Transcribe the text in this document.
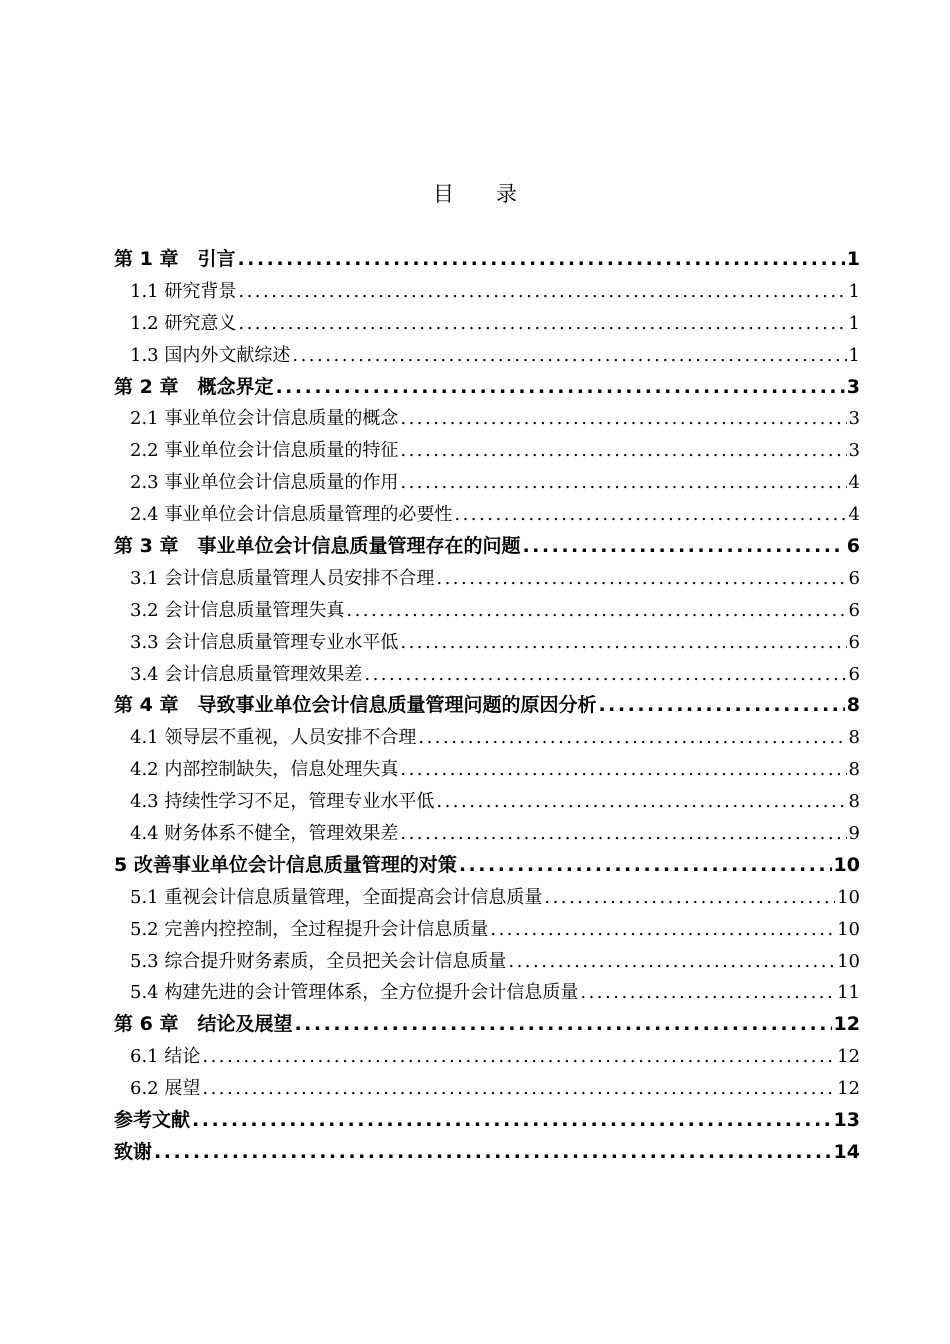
目录
第 1 章　引言 .....	1
1.1 研究背景 .....	1
1.2 研究意义 .....	1
1.3 国内外文献综述 .....	1
第 2 章　概念界定 .....	3
2.1 事业单位会计信息质量的概念 .....	3
2.2 事业单位会计信息质量的特征 .....	3
2.3 事业单位会计信息质量的作用 .....	4
2.4 事业单位会计信息质量管理的必要性 .....	4
第 3 章　事业单位会计信息质量管理存在的问题 .....	6
3.1 会计信息质量管理人员安排不合理 .....	6
3.2 会计信息质量管理失真 .....	6
3.3 会计信息质量管理专业水平低 .....	6
3.4 会计信息质量管理效果差 .....	6
第 4 章　导致事业单位会计信息质量管理问题的原因分析 .....	8
4.1 领导层不重视，人员安排不合理 .....	8
4.2 内部控制缺失，信息处理失真 .....	8
4.3 持续性学习不足，管理专业水平低 .....	8
4.4 财务体系不健全，管理效果差 .....	9
5 改善事业单位会计信息质量管理的对策 .....	10
5.1 重视会计信息质量管理，全面提高会计信息质量 .....	10
5.2 完善内控控制，全过程提升会计信息质量 .....	10
5.3 综合提升财务素质，全员把关会计信息质量 .....	10
5.4 构建先进的会计管理体系，全方位提升会计信息质量 .....	11
第 6 章　结论及展望 .....	12
6.1 结论 .....	12
6.2 展望 .....	12
参考文献 .....	13
致谢 .....	14
